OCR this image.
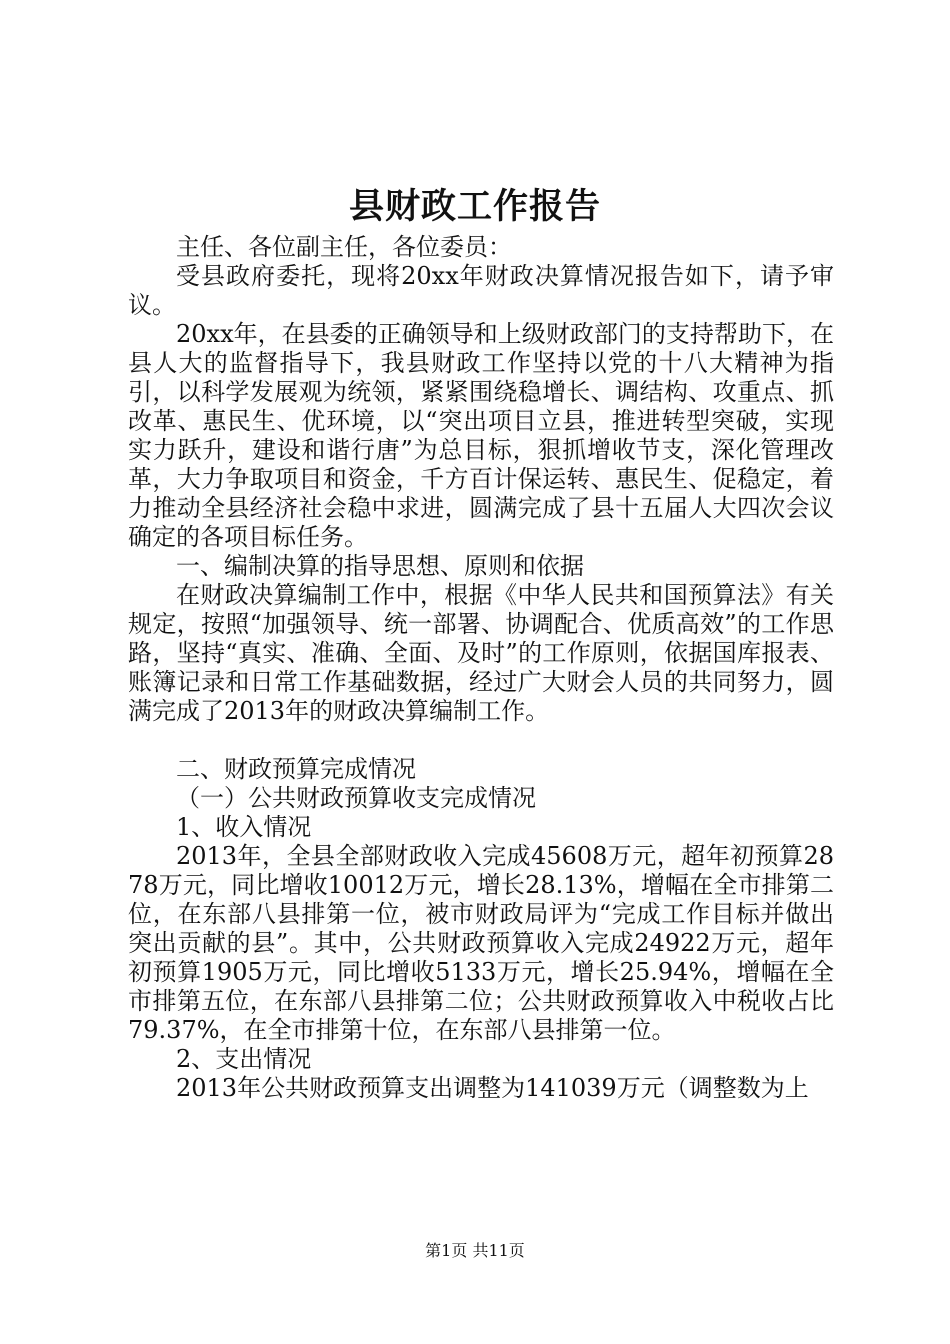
县财政工作报告

主任、各位副主任，各位委员：

受县政府委托，现将20xx年财政决算情况报告如下，请予审议。

20xx年，在县委的正确领导和上级财政部门的支持帮助下，在县人大的监督指导下，我县财政工作坚持以党的十八大精神为指引，以科学发展观为统领，紧紧围绕稳增长、调结构、攻重点、抓改革、惠民生、优环境，以“突出项目立县，推进转型突破，实现实力跃升，建设和谐行唐”为总目标，狠抓增收节支，深化管理改革，大力争取项目和资金，千方百计保运转、惠民生、促稳定，着力推动全县经济社会稳中求进，圆满完成了县十五届人大四次会议确定的各项目标任务。

一、编制决算的指导思想、原则和依据

在财政决算编制工作中，根据《中华人民共和国预算法》有关规定，按照“加强领导、统一部署、协调配合、优质高效”的工作思路，坚持“真实、准确、全面、及时”的工作原则，依据国库报表、账簿记录和日常工作基础数据，经过广大财会人员的共同努力，圆满完成了2013年的财政决算编制工作。

二、财政预算完成情况

（一）公共财政预算收支完成情况

1、收入情况

2013年，全县全部财政收入完成45608万元，超年初预算2878万元，同比增收10012万元，增长28.13%，增幅在全市排第二位，在东部八县排第一位，被市财政局评为“完成工作目标并做出突出贡献的县”。其中，公共财政预算收入完成24922万元，超年初预算1905万元，同比增收5133万元，增长25.94%，增幅在全市排第五位，在东部八县排第二位；公共财政预算收入中税收占比79.37%，在全市排第十位，在东部八县排第一位。

2、支出情况

2013年公共财政预算支出调整为141039万元（调整数为上

第1页 共11页
